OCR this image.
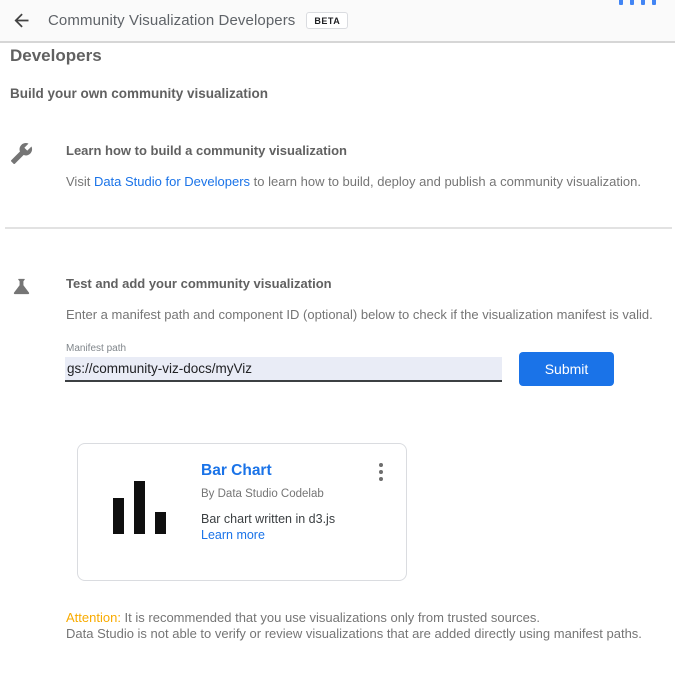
Community Visualization Developers	BETA
Developers
Build your own community visualization
Learn how to build a community visualization
Visit Data Studio for Developers to learn how to build, deploy and publish a community visualization.
Test and add your community visualization
Enter a manifest path and component ID (optional) below to check if the visualization manifest is valid.
Manifest path
gs://community-viz-docs/myViz
Submit
Bar Chart
By Data Studio Codelab
Bar chart written in d3.js
Learn more
Attention: It is recommended that you use visualizations only from trusted sources.
Data Studio is not able to verify or review visualizations that are added directly using manifest paths.
